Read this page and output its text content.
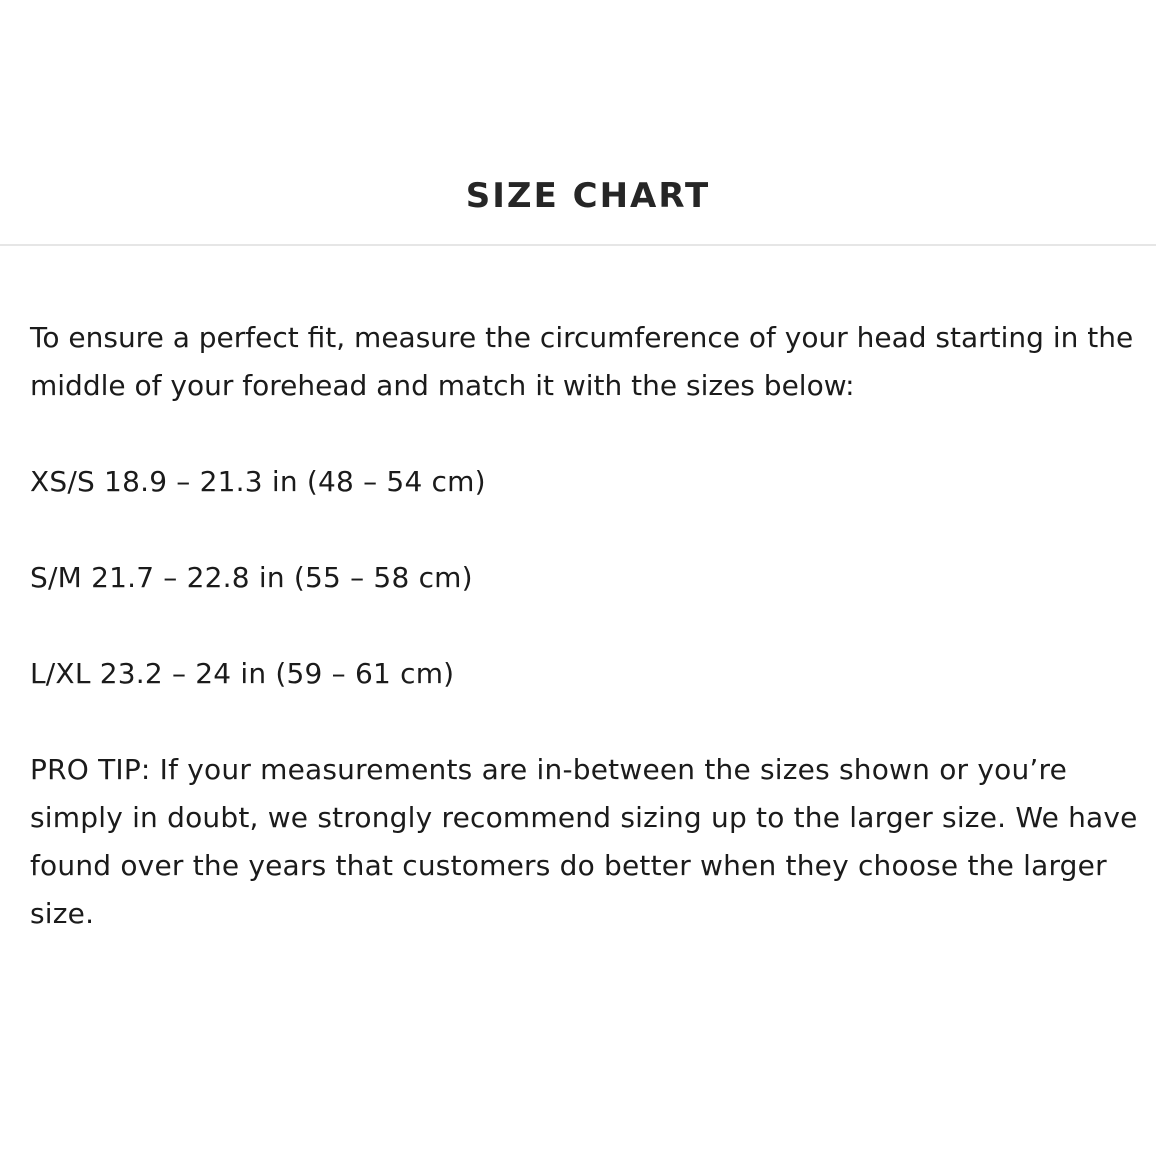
SIZE CHART

To ensure a perfect fit, measure the circumference of your head starting in the middle of your forehead and match it with the sizes below:

XS/S 18.9 – 21.3 in (48 – 54 cm)

S/M 21.7 – 22.8 in (55 – 58 cm)

L/XL 23.2 – 24 in (59 – 61 cm)

PRO TIP: If your measurements are in-between the sizes shown or you’re simply in doubt, we strongly recommend sizing up to the larger size. We have found over the years that customers do better when they choose the larger size.
